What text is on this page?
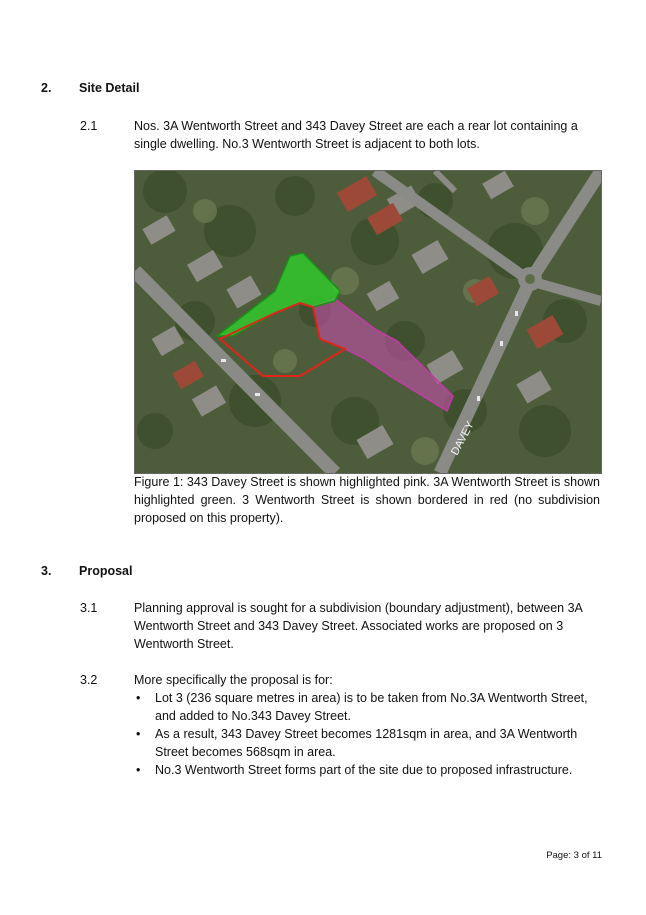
2. Site Detail
2.1	Nos. 3A Wentworth Street and 343 Davey Street are each a rear lot containing a single dwelling. No.3 Wentworth Street is adjacent to both lots.
DAVEY
Figure 1: 343 Davey Street is shown highlighted pink. 3A Wentworth Street is shown highlighted green. 3 Wentworth Street is shown bordered in red (no subdivision proposed on this property).
3. Proposal
3.1	Planning approval is sought for a subdivision (boundary adjustment), between 3A Wentworth Street and 343 Davey Street. Associated works are proposed on 3 Wentworth Street.
3.2	More specifically the proposal is for:
• Lot 3 (236 square metres in area) is to be taken from No.3A Wentworth Street, and added to No.343 Davey Street.
• As a result, 343 Davey Street becomes 1281sqm in area, and 3A Wentworth Street becomes 568sqm in area.
• No.3 Wentworth Street forms part of the site due to proposed infrastructure.
Page: 3 of 11
